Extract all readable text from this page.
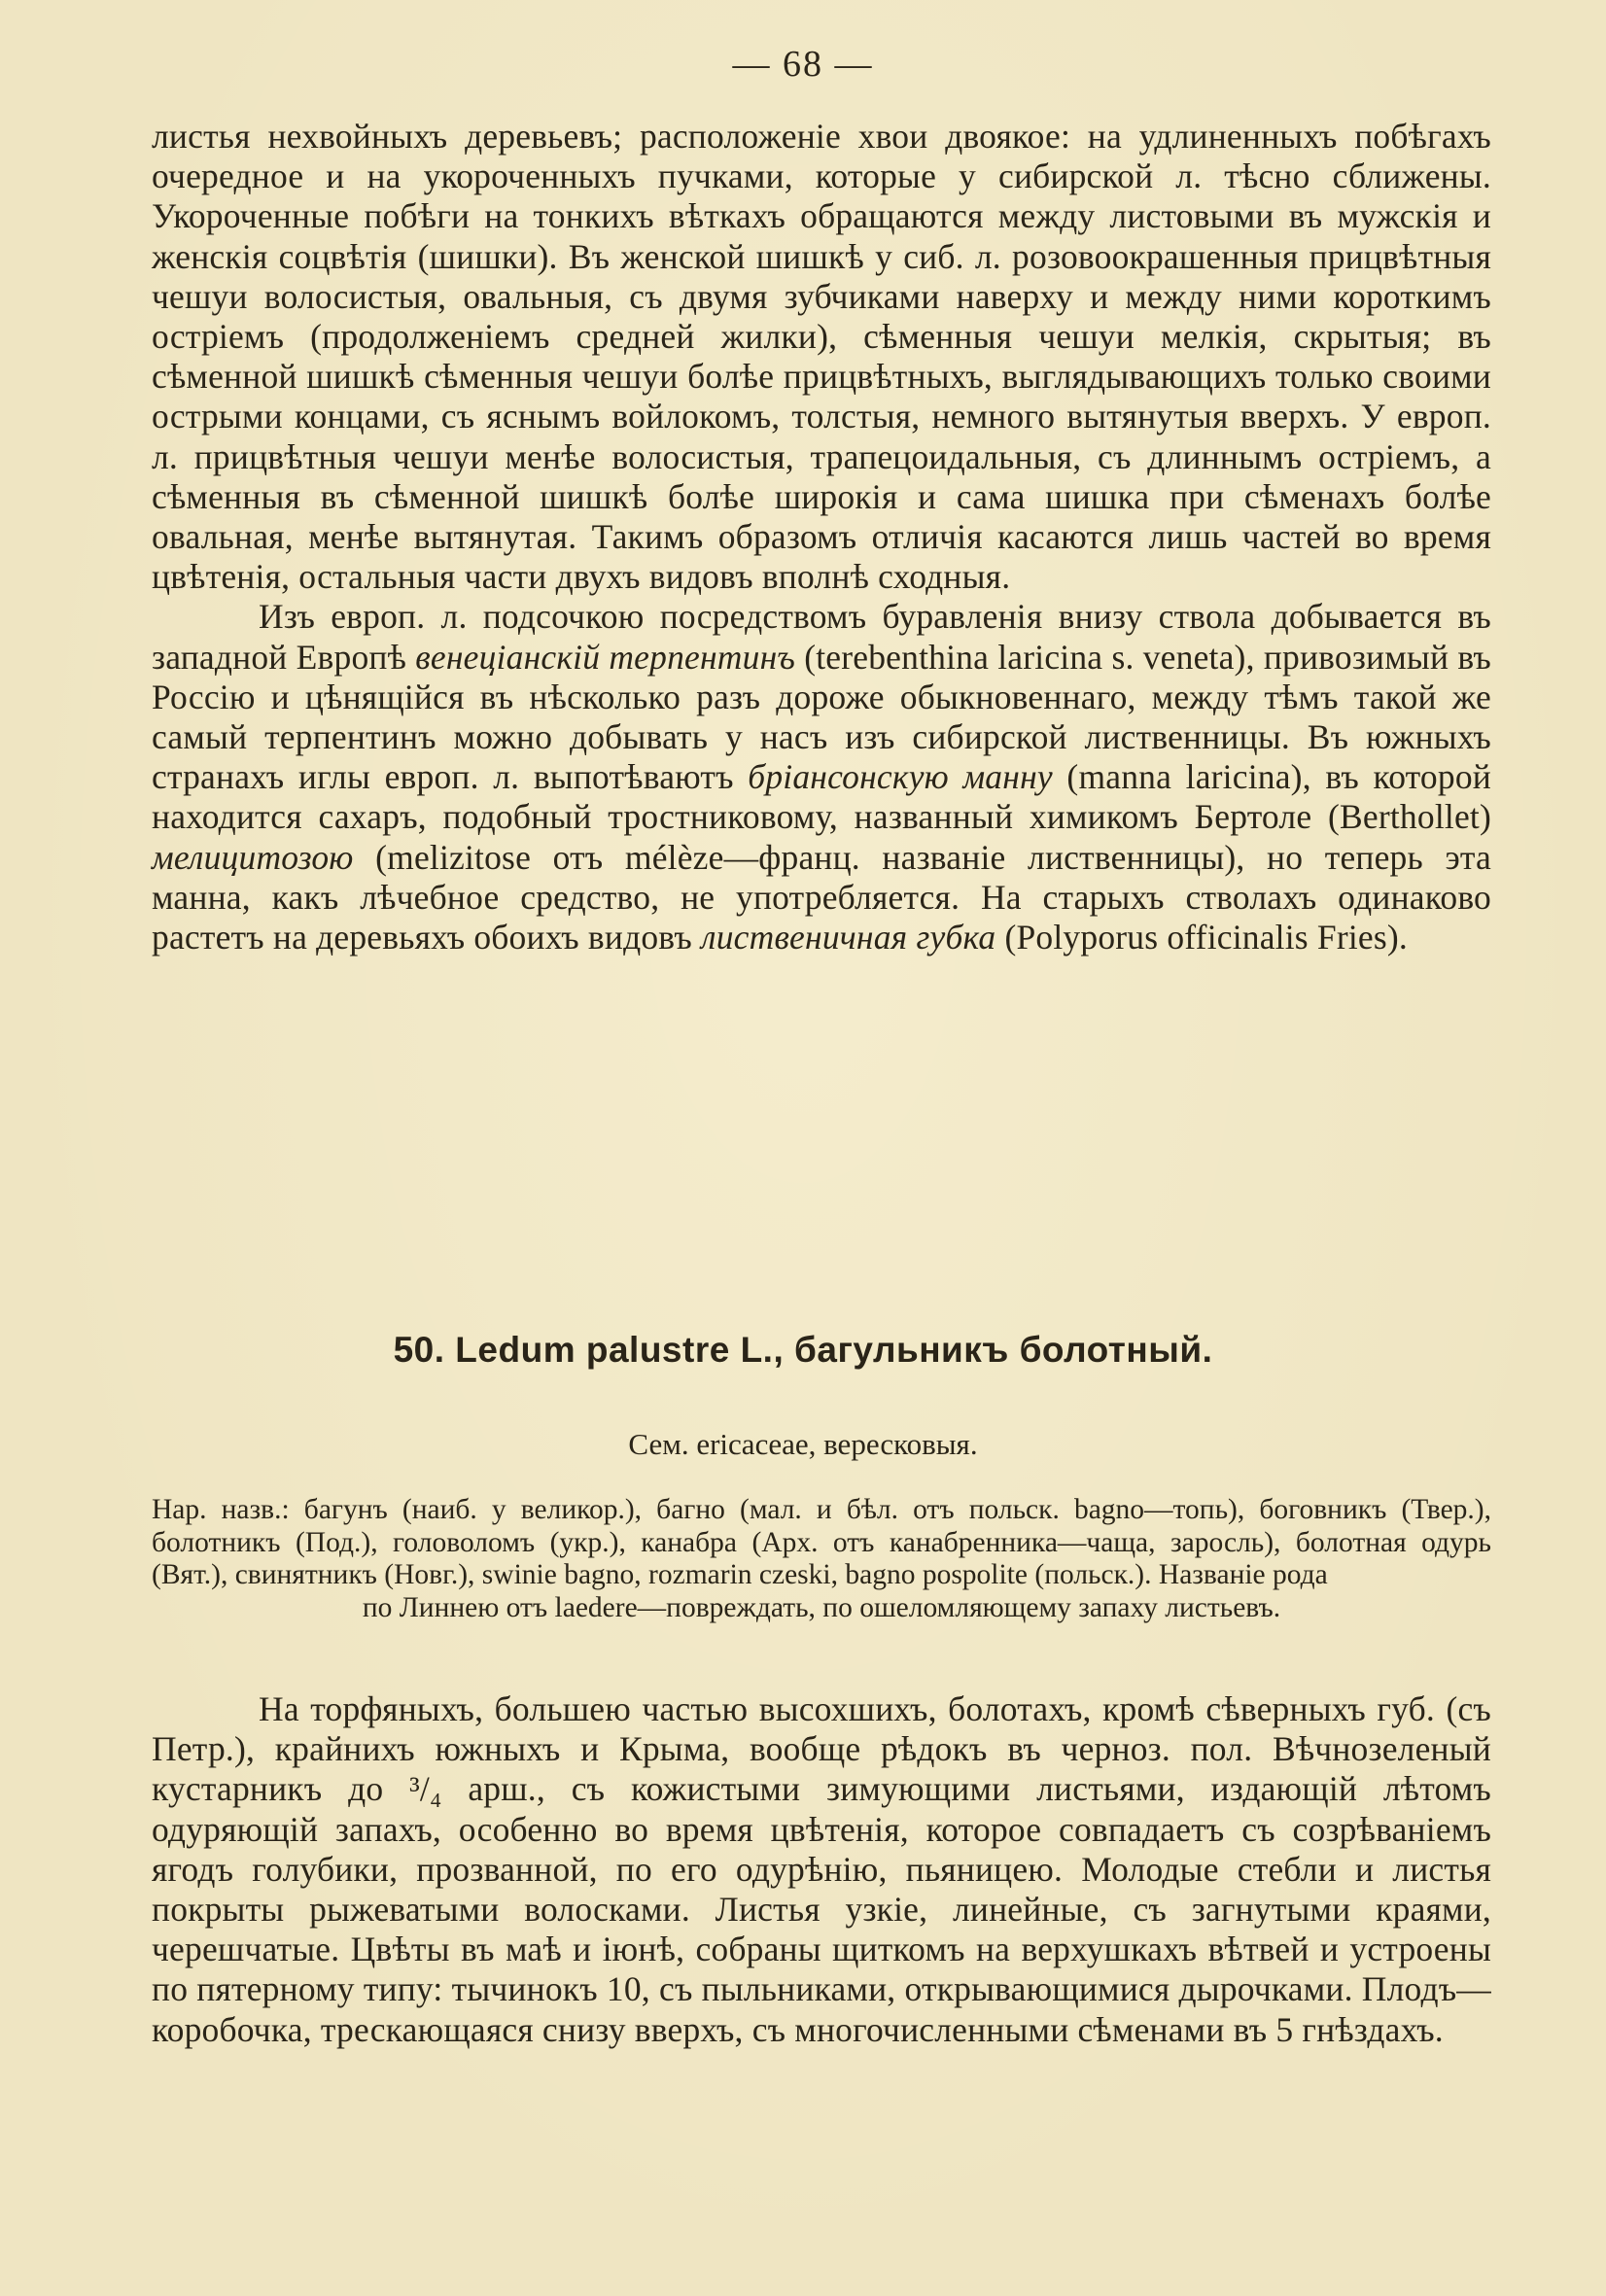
— 68 —

листья нехвойныхъ деревьевъ; расположеніе хвои двоякое: на удлиненныхъ побѣгахъ очередное и на укороченныхъ пучками, которые у сибирской л. тѣсно сближены. Укороченные побѣги на тонкихъ вѣткахъ обращаются между листовыми въ мужскія и женскія соцвѣтія (шишки). Въ женской шишкѣ у сиб. л. розовоокрашенныя прицвѣтныя чешуи волосистыя, овальныя, съ двумя зубчиками наверху и между ними короткимъ остріемъ (продолженіемъ средней жилки), сѣменныя чешуи мелкія, скрытыя; въ сѣменной шишкѣ сѣменныя чешуи болѣе прицвѣтныхъ, выглядывающихъ только своими острыми концами, съ яснымъ войлокомъ, толстыя, немного вытянутыя вверхъ. У европ. л. прицвѣтныя чешуи менѣе волосистыя, трапецоидальныя, съ длиннымъ остріемъ, а сѣменныя въ сѣменной шишкѣ болѣе широкія и сама шишка при сѣменахъ болѣе овальная, менѣе вытянутая. Такимъ образомъ отличія касаются лишь частей во время цвѣтенія, остальныя части двухъ видовъ вполнѣ сходныя.

Изъ европ. л. подсочкою посредствомъ буравленія внизу ствола добывается въ западной Европѣ венеціанскій терпентинъ (terebenthina laricina s. veneta), привозимый въ Россію и цѣнящійся въ нѣсколько разъ дороже обыкновеннаго, между тѣмъ такой же самый терпентинъ можно добывать у насъ изъ сибирской лиственницы. Въ южныхъ странахъ иглы европ. л. выпотѣваютъ бріансонскую манну (manna laricina), въ которой находится сахаръ, подобный тростниковому, названный химикомъ Бертоле (Berthollet) мелицитозою (melizitose отъ mélèze—франц. названіе лиственницы), но теперь эта манна, какъ лѣчебное средство, не употребляется. На старыхъ стволахъ одинаково растетъ на деревьяхъ обоихъ видовъ лиственичная губка (Polyporus officinalis Fries).

50. Ledum palustre L., багульникъ болотный.
Сем. ericaceae, вересковыя.

Нар. назв.: багунъ (наиб. у великор.), багно (мал. и бѣл. отъ польск. bagno—топь), боговникъ (Твер.), болотникъ (Под.), головоломъ (укр.), канабра (Арх. отъ канабренника—чаща, заросль), болотная одурь (Вят.), свинятникъ (Новг.), swinie bagno, rozmarin czeski, bagno pospolite (польск.). Названіе рода

по Линнею отъ laedere—повреждать, по ошеломляющему запаху листьевъ.

На торфяныхъ, большею частью высохшихъ, болотахъ, кромѣ сѣверныхъ губ. (съ Петр.), крайнихъ южныхъ и Крыма, вообще рѣдокъ въ черноз. пол. Вѣчнозеленый кустарникъ до ³/₄ арш., съ кожистыми зимующими листьями, издающій лѣтомъ одуряющій запахъ, особенно во время цвѣтенія, которое совпадаетъ съ созрѣваніемъ ягодъ голубики, прозванной, по его одурѣнію, пьяницею. Молодые стебли и листья покрыты рыжеватыми волосками. Листья узкіе, линейные, съ загнутыми краями, черешчатые. Цвѣты въ маѣ и іюнѣ, собраны щиткомъ на верхушкахъ вѣтвей и устроены по пятерному типу: тычинокъ 10, съ пыльниками, открывающимися дырочками. Плодъ—коробочка, трескающаяся снизу вверхъ, съ многочисленными сѣменами въ 5 гнѣздахъ.
